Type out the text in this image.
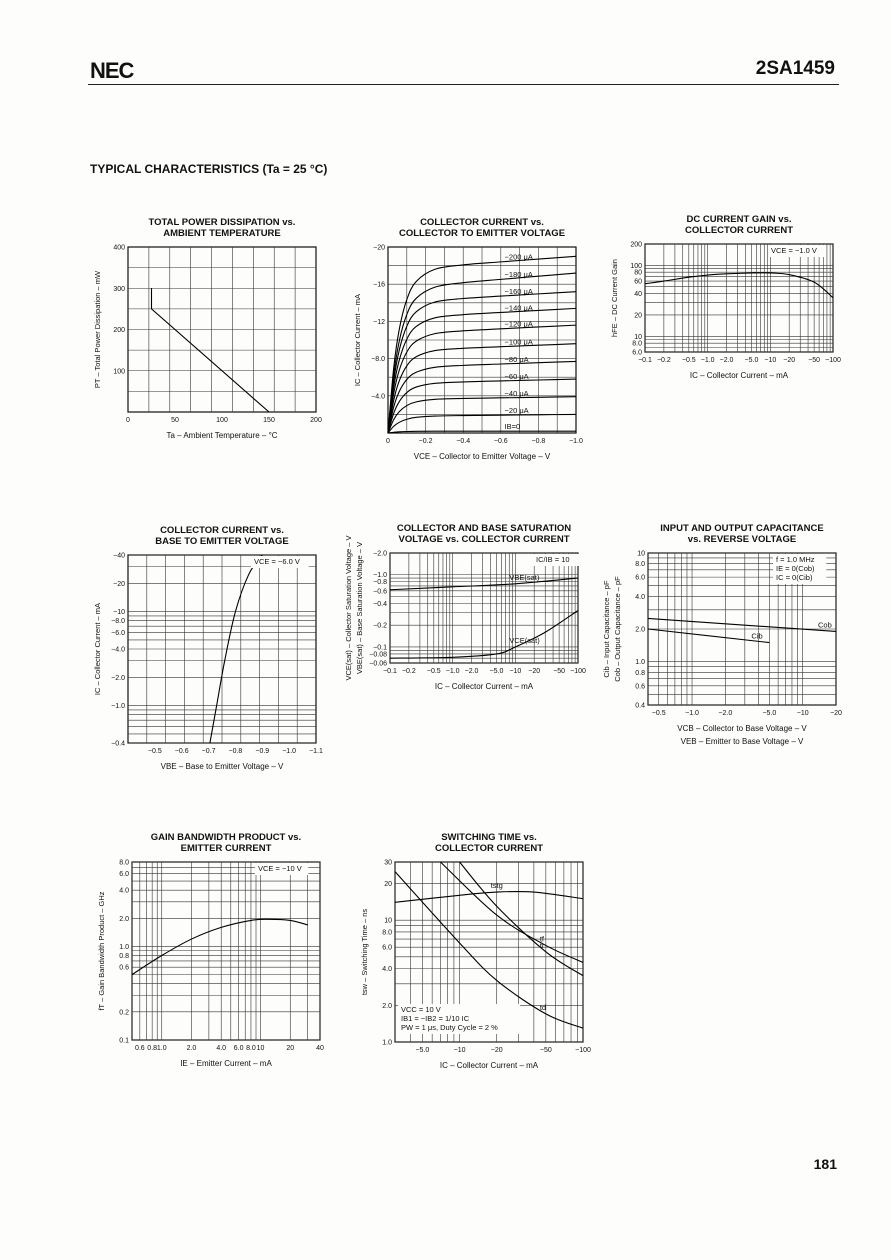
NEC	2SA1459
TYPICAL CHARACTERISTICS (Ta = 25 °C)
181
TOTAL POWER DISSIPATION vs.
AMBIENT TEMPERATURE
0	50	100	150	200
100
200
300
400
Ta – Ambient Temperature – °C
PT – Total Power Dissipation – mW
COLLECTOR CURRENT vs.
COLLECTOR TO EMITTER VOLTAGE
0	−0.2	−0.4	−0.6	−0.8	−1.0
−4.0
−8.0
−12
−16
−20
VCE – Collector to Emitter Voltage – V
IC – Collector Current – mA
−200 μA
−180 μA
−160 μA
−140 μA
−120 μA
−100 μA
−80 μA
−60 μA
−40 μA
−20 μA
IB=0
DC CURRENT GAIN vs.
COLLECTOR CURRENT
−0.1 −0.2 −0.5 −1.0 −2.0 −5.0 −10 −20 −50 −100
200
100
80
60
40
20
10
8.0
6.0
IC – Collector Current – mA
hFE – DC Current Gain
VCE = −1.0 V
COLLECTOR CURRENT vs.
BASE TO EMITTER VOLTAGE
−0.5 −0.6 −0.7 −0.8 −0.9 −1.0 −1.1
−40
−20
−10
−8.0
−6.0
−4.0
−2.0
−1.0
−0.4
VBE – Base to Emitter Voltage – V
IC – Collector Current – mA
VCE = −6.0 V
COLLECTOR AND BASE SATURATION
VOLTAGE vs. COLLECTOR CURRENT
−0.1 −0.2 −0.5 −1.0 −2.0 −5.0 −10 −20 −50 −100
−2.0
−1.0
−0.8
−0.6
−0.4
−0.2
−0.1
−0.08
−0.06
IC – Collector Current – mA
VCE(sat) – Collector Saturation Voltage – V VBE(sat) – Base Saturation Voltage – V	VBE(sat)
VCE(sat)
IC/IB = 10
INPUT AND OUTPUT CAPACITANCE
vs. REVERSE VOLTAGE
−0.5	−1.0	−2.0	−5.0	−10	−20
10
8.0
6.0
4.0
2.0
1.0
0.8
0.6
0.4
VCB – Collector to Base Voltage – V
VEB – Emitter to Base Voltage – V
Cib – Input Capacitance – pF Cob – Output Capacitance – pF	Cob
Cib
f = 1.0 MHz
IE = 0(Cob)
IC = 0(Cib)
GAIN BANDWIDTH PRODUCT vs.
EMITTER CURRENT
0.6 0.8 1.0	2.0	4.0 6.0 8.0 10	20	40
8.0
6.0
4.0
2.0
1.0
0.8
0.6
0.2
0.1
IE – Emitter Current – mA
fT – Gain Bandwidth Product – GHz
VCE = −10 V
SWITCHING TIME vs.
COLLECTOR CURRENT
−5.0	−10	−20	−50	−100
30
20
10
8.0
6.0
4.0
2.0
1.0
IC – Collector Current – mA
tsw – Switching Time – ns
tstg
tf
tr
td
VCC = 10 V
IB1 = −IB2 = 1/10 IC
PW = 1 μs, Duty Cycle = 2 %
